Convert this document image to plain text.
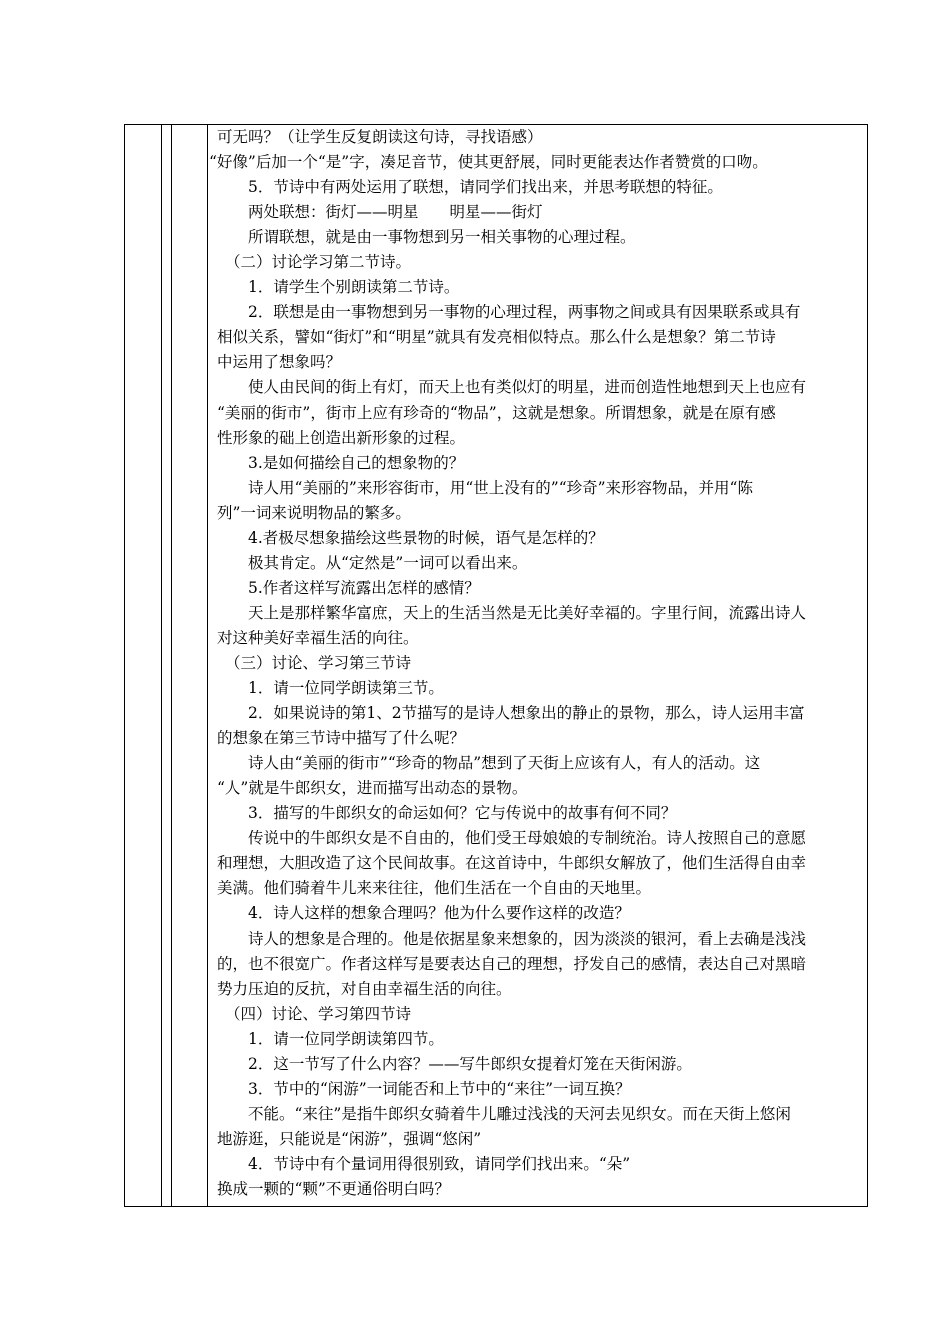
可无吗？（让学生反复朗读这句诗，寻找语感）
“好像”后加一个“是”字，凑足音节，使其更舒展，同时更能表达作者赞赏的口吻。
5．节诗中有两处运用了联想，请同学们找出来，并思考联想的特征。
两处联想：街灯——明星　　明星——街灯
所谓联想，就是由一事物想到另一相关事物的心理过程。
（二）讨论学习第二节诗。
1．请学生个别朗读第二节诗。
2．联想是由一事物想到另一事物的心理过程，两事物之间或具有因果联系或具有
相似关系，譬如“街灯”和“明星”就具有发亮相似特点。那么什么是想象？第二节诗
中运用了想象吗？
使人由民间的街上有灯，而天上也有类似灯的明星，进而创造性地想到天上也应有
“美丽的街市”，街市上应有珍奇的“物品”，这就是想象。所谓想象，就是在原有感
性形象的础上创造出新形象的过程。
3.是如何描绘自己的想象物的？
诗人用“美丽的”来形容街市，用“世上没有的”“珍奇”来形容物品，并用“陈
列”一词来说明物品的繁多。
4.者极尽想象描绘这些景物的时候，语气是怎样的？
极其肯定。从“定然是”一词可以看出来。
5.作者这样写流露出怎样的感情？
天上是那样繁华富庶，天上的生活当然是无比美好幸福的。字里行间，流露出诗人
对这种美好幸福生活的向往。
（三）讨论、学习第三节诗
1．请一位同学朗读第三节。
2．如果说诗的第1、2节描写的是诗人想象出的静止的景物，那么，诗人运用丰富
的想象在第三节诗中描写了什么呢？
诗人由“美丽的街市”“珍奇的物品”想到了天街上应该有人，有人的活动。这
“人”就是牛郎织女，进而描写出动态的景物。
3．描写的牛郎织女的命运如何？它与传说中的故事有何不同？
传说中的牛郎织女是不自由的，他们受王母娘娘的专制统治。诗人按照自己的意愿
和理想，大胆改造了这个民间故事。在这首诗中，牛郎织女解放了，他们生活得自由幸
美满。他们骑着牛儿来来往往，他们生活在一个自由的天地里。
4．诗人这样的想象合理吗？他为什么要作这样的改造？
诗人的想象是合理的。他是依据星象来想象的，因为淡淡的银河，看上去确是浅浅
的，也不很宽广。作者这样写是要表达自己的理想，抒发自己的感情，表达自己对黑暗
势力压迫的反抗，对自由幸福生活的向往。
（四）讨论、学习第四节诗
1．请一位同学朗读第四节。
2．这一节写了什么内容？——写牛郎织女提着灯笼在天街闲游。
3．节中的“闲游”一词能否和上节中的“来往”一词互换？
不能。“来往”是指牛郎织女骑着牛儿雕过浅浅的天河去见织女。而在天街上悠闲
地游逛，只能说是“闲游”，强调“悠闲”
4．节诗中有个量词用得很别致，请同学们找出来。“朵”
换成一颗的“颗”不更通俗明白吗？
